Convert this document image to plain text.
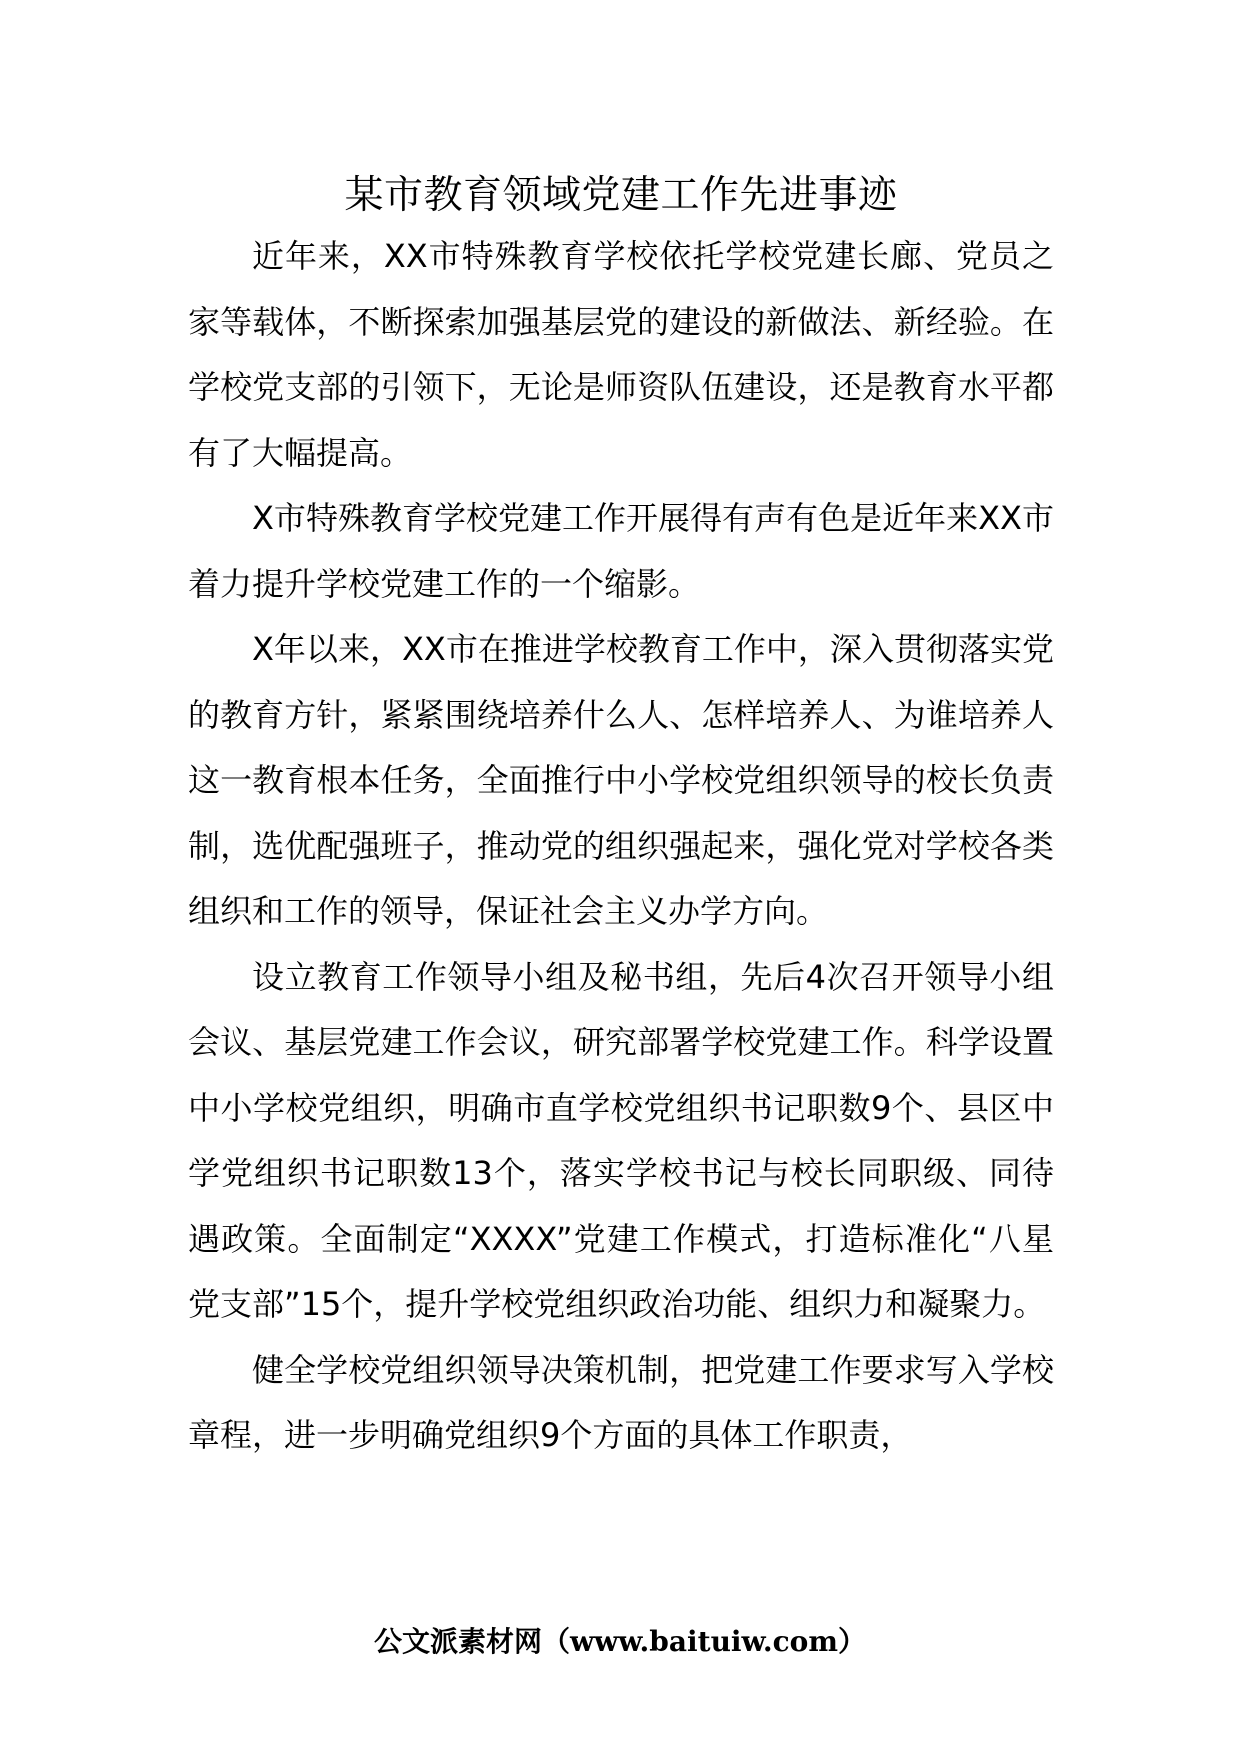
某市教育领域党建工作先进事迹

近年来，XX市特殊教育学校依托学校党建长廊、党员之家等载体，不断探索加强基层党的建设的新做法、新经验。在学校党支部的引领下，无论是师资队伍建设，还是教育水平都有了大幅提高。

X市特殊教育学校党建工作开展得有声有色是近年来XX市着力提升学校党建工作的一个缩影。

X年以来，XX市在推进学校教育工作中，深入贯彻落实党的教育方针，紧紧围绕培养什么人、怎样培养人、为谁培养人这一教育根本任务，全面推行中小学校党组织领导的校长负责制，选优配强班子，推动党的组织强起来，强化党对学校各类组织和工作的领导，保证社会主义办学方向。

设立教育工作领导小组及秘书组，先后4次召开领导小组会议、基层党建工作会议，研究部署学校党建工作。科学设置中小学校党组织，明确市直学校党组织书记职数9个、县区中学党组织书记职数13个，落实学校书记与校长同职级、同待遇政策。全面制定“XXXX”党建工作模式，打造标准化“八星党支部”15个，提升学校党组织政治功能、组织力和凝聚力。

健全学校党组织领导决策机制，把党建工作要求写入学校章程，进一步明确党组织9个方面的具体工作职责，

公文派素材网（www.baituiw.com）
